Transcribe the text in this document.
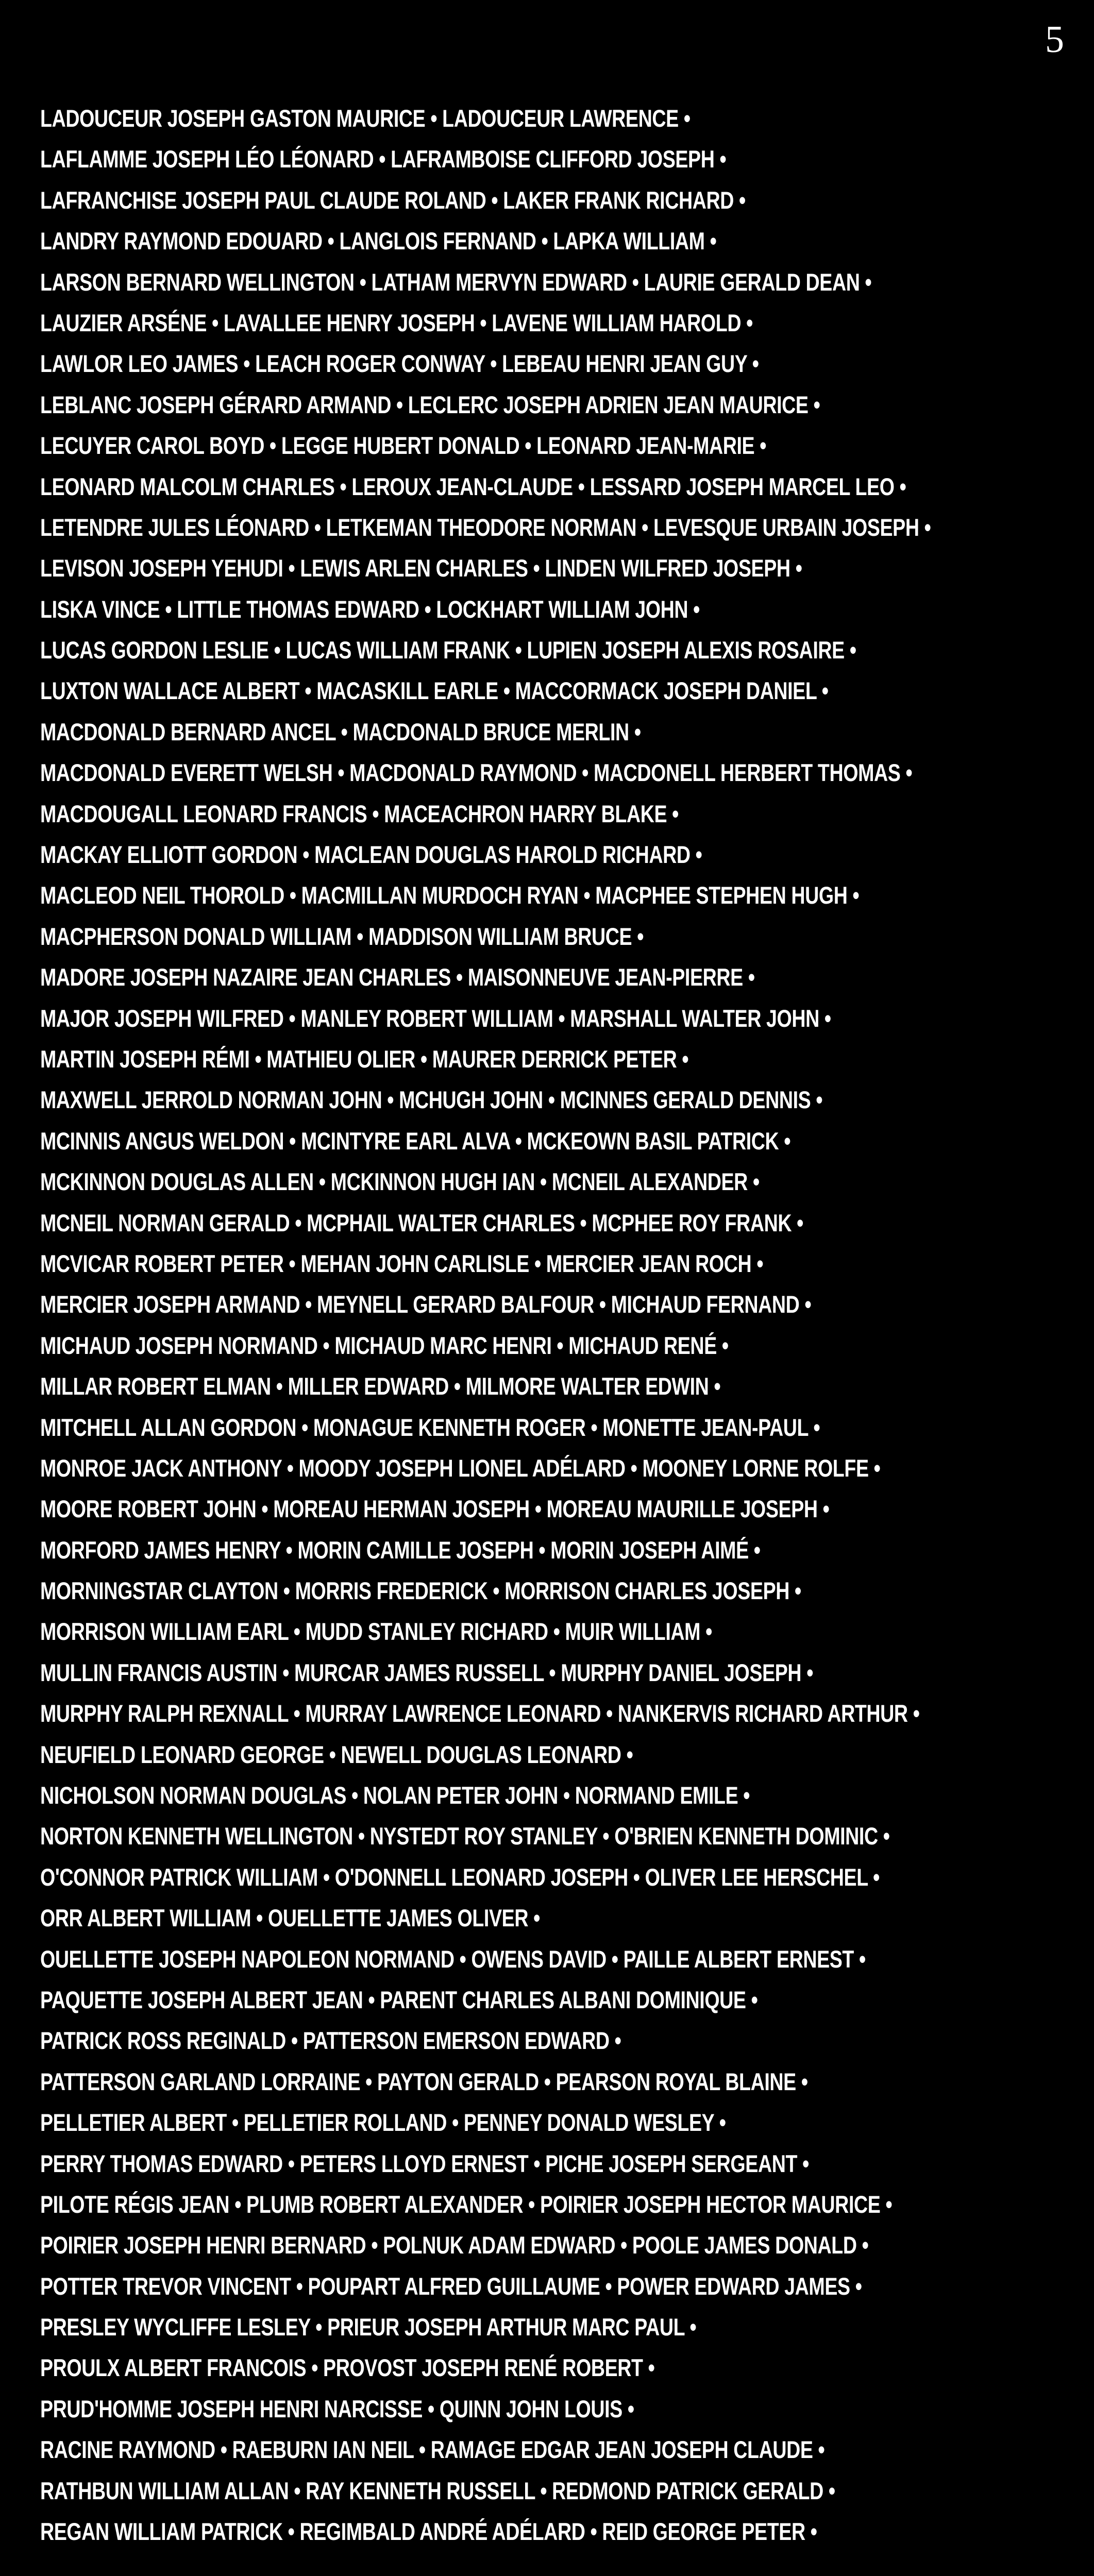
5
LADOUCEUR JOSEPH GASTON MAURICE • LADOUCEUR LAWRENCE •
LAFLAMME JOSEPH LÉO LÉONARD • LAFRAMBOISE CLIFFORD JOSEPH •
LAFRANCHISE JOSEPH PAUL CLAUDE ROLAND • LAKER FRANK RICHARD •
LANDRY RAYMOND EDOUARD • LANGLOIS FERNAND • LAPKA WILLIAM •
LARSON BERNARD WELLINGTON • LATHAM MERVYN EDWARD • LAURIE GERALD DEAN •
LAUZIER ARSÉNE • LAVALLEE HENRY JOSEPH • LAVENE WILLIAM HAROLD •
LAWLOR LEO JAMES • LEACH ROGER CONWAY • LEBEAU HENRI JEAN GUY •
LEBLANC JOSEPH GÉRARD ARMAND • LECLERC JOSEPH ADRIEN JEAN MAURICE •
LECUYER CAROL BOYD • LEGGE HUBERT DONALD • LEONARD JEAN-MARIE •
LEONARD MALCOLM CHARLES • LEROUX JEAN-CLAUDE • LESSARD JOSEPH MARCEL LEO •
LETENDRE JULES LÉONARD • LETKEMAN THEODORE NORMAN • LEVESQUE URBAIN JOSEPH •
LEVISON JOSEPH YEHUDI • LEWIS ARLEN CHARLES • LINDEN WILFRED JOSEPH •
LISKA VINCE • LITTLE THOMAS EDWARD • LOCKHART WILLIAM JOHN •
LUCAS GORDON LESLIE • LUCAS WILLIAM FRANK • LUPIEN JOSEPH ALEXIS ROSAIRE •
LUXTON WALLACE ALBERT • MACASKILL EARLE • MACCORMACK JOSEPH DANIEL •
MACDONALD BERNARD ANCEL • MACDONALD BRUCE MERLIN •
MACDONALD EVERETT WELSH • MACDONALD RAYMOND • MACDONELL HERBERT THOMAS •
MACDOUGALL LEONARD FRANCIS • MACEACHRON HARRY BLAKE •
MACKAY ELLIOTT GORDON • MACLEAN DOUGLAS HAROLD RICHARD •
MACLEOD NEIL THOROLD • MACMILLAN MURDOCH RYAN • MACPHEE STEPHEN HUGH •
MACPHERSON DONALD WILLIAM • MADDISON WILLIAM BRUCE •
MADORE JOSEPH NAZAIRE JEAN CHARLES • MAISONNEUVE JEAN-PIERRE •
MAJOR JOSEPH WILFRED • MANLEY ROBERT WILLIAM • MARSHALL WALTER JOHN •
MARTIN JOSEPH RÉMI • MATHIEU OLIER • MAURER DERRICK PETER •
MAXWELL JERROLD NORMAN JOHN • MCHUGH JOHN • MCINNES GERALD DENNIS •
MCINNIS ANGUS WELDON • MCINTYRE EARL ALVA • MCKEOWN BASIL PATRICK •
MCKINNON DOUGLAS ALLEN • MCKINNON HUGH IAN • MCNEIL ALEXANDER •
MCNEIL NORMAN GERALD • MCPHAIL WALTER CHARLES • MCPHEE ROY FRANK •
MCVICAR ROBERT PETER • MEHAN JOHN CARLISLE • MERCIER JEAN ROCH •
MERCIER JOSEPH ARMAND • MEYNELL GERARD BALFOUR • MICHAUD FERNAND •
MICHAUD JOSEPH NORMAND • MICHAUD MARC HENRI • MICHAUD RENÉ •
MILLAR ROBERT ELMAN • MILLER EDWARD • MILMORE WALTER EDWIN •
MITCHELL ALLAN GORDON • MONAGUE KENNETH ROGER • MONETTE JEAN-PAUL •
MONROE JACK ANTHONY • MOODY JOSEPH LIONEL ADÉLARD • MOONEY LORNE ROLFE •
MOORE ROBERT JOHN • MOREAU HERMAN JOSEPH • MOREAU MAURILLE JOSEPH •
MORFORD JAMES HENRY • MORIN CAMILLE JOSEPH • MORIN JOSEPH AIMÉ •
MORNINGSTAR CLAYTON • MORRIS FREDERICK • MORRISON CHARLES JOSEPH •
MORRISON WILLIAM EARL • MUDD STANLEY RICHARD • MUIR WILLIAM •
MULLIN FRANCIS AUSTIN • MURCAR JAMES RUSSELL • MURPHY DANIEL JOSEPH •
MURPHY RALPH REXNALL • MURRAY LAWRENCE LEONARD • NANKERVIS RICHARD ARTHUR •
NEUFIELD LEONARD GEORGE • NEWELL DOUGLAS LEONARD •
NICHOLSON NORMAN DOUGLAS • NOLAN PETER JOHN • NORMAND EMILE •
NORTON KENNETH WELLINGTON • NYSTEDT ROY STANLEY • O'BRIEN KENNETH DOMINIC •
O'CONNOR PATRICK WILLIAM • O'DONNELL LEONARD JOSEPH • OLIVER LEE HERSCHEL •
ORR ALBERT WILLIAM • OUELLETTE JAMES OLIVER •
OUELLETTE JOSEPH NAPOLEON NORMAND • OWENS DAVID • PAILLE ALBERT ERNEST •
PAQUETTE JOSEPH ALBERT JEAN • PARENT CHARLES ALBANI DOMINIQUE •
PATRICK ROSS REGINALD • PATTERSON EMERSON EDWARD •
PATTERSON GARLAND LORRAINE • PAYTON GERALD • PEARSON ROYAL BLAINE •
PELLETIER ALBERT • PELLETIER ROLLAND • PENNEY DONALD WESLEY •
PERRY THOMAS EDWARD • PETERS LLOYD ERNEST • PICHE JOSEPH SERGEANT •
PILOTE RÉGIS JEAN • PLUMB ROBERT ALEXANDER • POIRIER JOSEPH HECTOR MAURICE •
POIRIER JOSEPH HENRI BERNARD • POLNUK ADAM EDWARD • POOLE JAMES DONALD •
POTTER TREVOR VINCENT • POUPART ALFRED GUILLAUME • POWER EDWARD JAMES •
PRESLEY WYCLIFFE LESLEY • PRIEUR JOSEPH ARTHUR MARC PAUL •
PROULX ALBERT FRANCOIS • PROVOST JOSEPH RENÉ ROBERT •
PRUD'HOMME JOSEPH HENRI NARCISSE • QUINN JOHN LOUIS •
RACINE RAYMOND • RAEBURN IAN NEIL • RAMAGE EDGAR JEAN JOSEPH CLAUDE •
RATHBUN WILLIAM ALLAN • RAY KENNETH RUSSELL • REDMOND PATRICK GERALD •
REGAN WILLIAM PATRICK • REGIMBALD ANDRÉ ADÉLARD • REID GEORGE PETER •
